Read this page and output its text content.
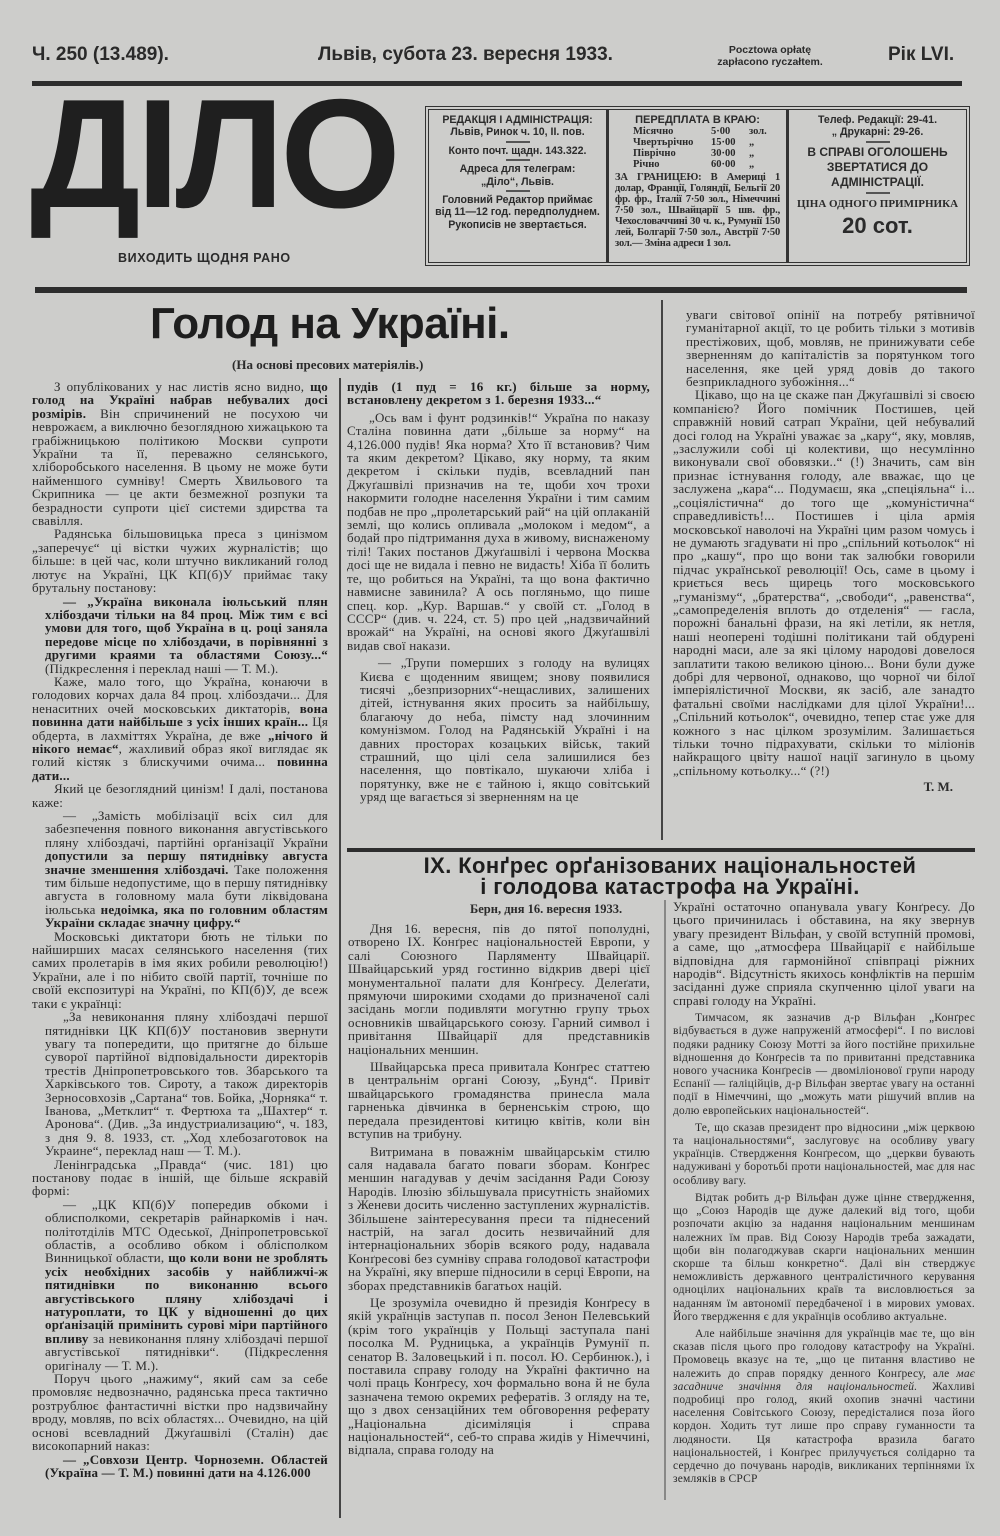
Ч. 250 (13.489).	Львів, субота 23. вересня 1933.	Pocztowa opłatę
zapłacono ryczałtem.	Рік LVI.
ДІЛО
ВИХОДИТЬ ЩОДНЯ РАНО
РЕДАКЦІЯ І АДМІНІСТРАЦІЯ:
Львів, Ринок ч. 10, ІІ. пов.
Конто почт. щадн. 143.322.
Адреса для телеграм:
„Діло“, Львів.
Головний Редактор приймає від 11—12 год. передполуднем.
Рукописів не звертається.
ПЕРЕДПЛАТА В КРАЮ:
Місячно	5·00	зол.
Чвертьрічно	15·00	„
Піврічно	30·00	„
Річно	60·00	„
ЗА ГРАНИЦЕЮ: В Америці 1 долар, Франції, Голяндії, Бельгії 20 фр. фр., Італії 7·50 зол., Німеччині 7·50 зол., Швайцарії 5 шв. фр., Чехословаччині 30 ч. к., Румунії 150 лей, Болгарії 7·50 зол., Австрії 7·50 зол.— Зміна адреси 1 зол.
Телеф. Редакції: 29-41.
„ Друкарні: 29-26.
В СПРАВІ ОГОЛОШЕНЬ ЗВЕРТАТИСЯ ДО АДМІНІСТРАЦІЇ.
ЦІНА ОДНОГО ПРИМІРНИКА
20 сот.
Голод на Україні.
(На основі пресових матеріялів.)

З опублікованих у нас листів ясно видно, що голод на Україні набрав небувалих досі розмірів. Він спричинений не посухою чи неврожаєм, а виключно безоглядною хижацькою та грабіжницькою політикою Москви супроти України та її, переважно селянського, хліборобського населення. В цьому не може бути найменшого сумніву! Смерть Хвильового та Скрипника — це акти безмежної розпуки та безрадности супроти цієї системи здирства та свавілля.

Радянська більшовицька преса з цинізмом „заперечує“ ці вістки чужих журналістів; що більше: в цей час, коли штучно викликаний голод лютує на Україні, ЦК КП(б)У приймає таку брутальну постанову:

— „Україна виконала іюльський плян хлібоздачи тільки на 84 проц. Між тим є всі умови для того, щоб Україна в ц. році заняла передове місце по хлібоздачи, в порівнянні з другими краями та областями Союзу...“ (Підкреслення і переклад наші — Т. М.).

Каже, мало того, що Україна, конаючи в голодових корчах дала 84 проц. хлібоздачи... Для ненаситних очей московських диктаторів, вона повинна дати найбільше з усіх інших країн... Ця обдерта, в лахміттях Україна, де вже „нічого й нікого немає“, жахливий образ якої виглядає як голий кістяк з блискучими очима... повинна дати...

Який це безоглядний цинізм! І далі, постанова каже:

— „Замість мобілізації всіх сил для забезпечення повного виконання августівського пляну хлібоздачі, партійні орґанізації України допустили за першу пятиднівку августа значне зменшення хлібоздачі. Таке положення тим більше недопустиме, що в першу пятиднівку августа в головному мала бути ліквідована іюльська недоімка, яка по головним областям України складає значну цифру.“

Московські диктатори бють не тільки по найширших масах селянського населення (тих самих пролетарів в імя яких робили революцію!) України, але і по нібито своїй партії, точніше по своїй експозитурі на Україні, по КП(б)У, де всеж таки є українці:

„За невиконання пляну хлібоздачі першої пятиднівки ЦК КП(б)У постановив звернути увагу та попередити, що притягне до більше суворої партійної відповідальности директорів трестів Дніпропетровського тов. Збарського та Харківського тов. Сироту, а також директорів Зерносовхозів „Сартана“ тов. Бойка, „Чорняка“ т. Іванова, „Метклит“ т. Фертюха та „Шахтер“ т. Аронова“. (Див. „За индустриализацию“, ч. 183, з дня 9. 8. 1933, ст. „Ход хлебозаготовок на Украине“, переклад наш — Т. М.).

Ленінградська „Правда“ (чис. 181) цю постанову подає в іншій, ще більше яскравій формі:

— „ЦК КП(б)У попередив обкоми і облисполкоми, секретарів райнаркомів і нач. політотділів МТС Одеської, Дніпропетровської областів, а особливо обком і облісполком Винницької области, що коли вони не зроблять усіх необхідних засобів у найближчі-ж пятиднівки по виконанню всього августівського пляну хлібоздачі і натуроплати, то ЦК у відношенні до цих орґанізацій примінить сурові міри партійного впливу за невиконання пляну хлібоздачі першої августівської пятиднівки“. (Підкреслення оригіналу — Т. М.).

Поруч цього „нажиму“, який сам за себе промовляє недвозначно, радянська преса тактично розтрублює фантастичні вістки про надзвичайну вроду, мовляв, по всіх областях... Очевидно, на цій основі всевладний Джуґашвілі (Сталін) дає високопарний наказ:

— „Совхози Центр. Чорноземн. Областей (Україна — Т. М.) повинні дати на 4.126.000

пудів (1 пуд = 16 кг.) більше за норму, встановлену декретом з 1. березня 1933...“

„Ось вам і фунт родзинків!“ Україна по наказу Сталіна повинна дати „більше за норму“ на 4,126.000 пудів! Яка норма? Хто її встановив? Чим та яким декретом? Цікаво, яку норму, та яким декретом і скільки пудів, всевладний пан Джуґашвілі призначив на те, щоби хоч трохи накормити голодне населення України і тим самим подбав не про „пролетарський рай“ на цій оплаканій землі, що колись опливала „молоком і медом“, а бодай про підтримання духа в живому, виснаженому тілі! Таких постанов Джуґашвілі і червона Москва досі ще не видала і певно не видасть! Хіба її болить те, що робиться на Україні, та що вона фактично навмисне завинила? А ось погляньмо, що пише спец. кор. „Кур. Варшав.“ у своїй ст. „Голод в СССР“ (див. ч. 224, ст. 5) про цей „надзвичайний врожай“ на Україні, на основі якого Джуґашвілі видав свої накази.

— „Трупи померших з голоду на вулицях Києва є щоденним явищем; знову появилися тисячі „безпризорних“-нещасливих, залишених дітей, істнування яких просить за найбільшу, благаючу до неба, пімсту над злочинним комунізмом. Голод на Радянській Україні і на давних просторах козацьких військ, такий страшний, що цілі села залишилися без населення, що повтікало, шукаючи хліба і порятунку, вже не є тайною і, якщо совітський уряд ще вагається зі зверненням на це

уваги світової опінії на потребу рятівничої гуманітарної акції, то це робить тільки з мотивів престіжових, щоб, мовляв, не принижувати себе зверненням до капіталістів за порятунком того населення, яке цей уряд довів до такого безприкладного зубожіння...“

Цікаво, що на це скаже пан Джуґашвілі зі своєю компанією? Його помічник Постишев, цей справжній новий сатрап України, цей небувалий досі голод на Україні уважає за „кару“, яку, мовляв, „заслужили собі ці колективи, що несумлінно виконували свої обовязки..“ (!) Значить, сам він признає істнування голоду, але вважає, що це заслужена „кара“... Подумаєш, яка „спеціяльна“ і... „соціялістична“ до того ще „комуністична“ справедливість!... Постишев і ціла армія московської наволочі на Україні цим разом чомусь і не думають згадувати ні про „спільний котьолок“ ні про „кашу“, про що вони так залюбки говорили підчас української революції! Ось, саме в цьому і криється весь щирець того московського „гуманізму“, „братерства“, „свободи“, „равенства“, „самопределенія вплоть до отделенія“ — гасла, порожні банальні фрази, на які летіли, як нетля, наші неоперені тодішні політикани тай обдурені народні маси, але за які цілому народові довелося заплатити такою великою ціною... Вони були дуже добрі для червоної, однаково, що чорної чи білої імперіялістичної Москви, як засіб, але занадто фатальні своїми наслідками для цілої України!... „Спільний котьолок“, очевидно, тепер стає уже для кожного з нас цілком зрозумілим. Залишається тільки точно підрахувати, скільки то міліонів найкращого цвіту нашої нації загинуло в цьому „спільному котьолку...“ (?!)

Т. М.
IX. Конґрес орґанізованих національностей
і голодова катастрофа на Україні.
Берн, дня 16. вересня 1933.

Дня 16. вересня, пів до пятої пополудні, отворено IX. Конґрес національностей Европи, у салі Союзного Парляменту Швайцарії. Швайцарський уряд гостинно відкрив двері цієї монументальної палати для Конґресу. Делеґати, прямуючи широкими сходами до призначеної салі засідань могли подивляти могутню групу трьох основників швайцарського союзу. Гарний символ і привітання Швайцарії для представників національних меншин.

Швайцарська преса привитала Конґрес статтею в центральнім органі Союзу, „Бунд“. Привіт швайцарського громадянства принесла мала гарненька дівчинка в берненськім строю, що передала президентові китицю квітів, коли він вступив на трибуну.

Витримана в поважнім швайцарськім стилю саля надавала багато поваги зборам. Конґрес меншин нагадував у дечім засідання Ради Союзу Народів. Ілюзію збільшувала присутність знайомих з Женеви досить численно заступлених журналістів. Збільшене заінтересування преси та піднесений настрій, на загал досить незвичайний для інтернаціональних зборів всякого роду, надавала Конґресові без сумніву справа голодової катастрофи на Україні, яку вперше підносили в серці Европи, на зборах представників багатьох націй.

Це зрозуміла очевидно й президія Конґресу в якій українців заступав п. посол Зенон Пелевський (крім того українців у Польщі заступала пані посолка М. Рудницька, а українців Румунії п. сенатор В. Заловецький і п. посол. Ю. Сербинюк.), і поставила справу голоду на Україні фактично на чолі праць Конґресу, хоч формально вона й не була зазначена темою окремих рефератів. З огляду на те, що з двох сензаційних тем обговорення реферату „Національна дісиміляція і справа національностей“, себ-то справа жидів у Німеччині, відпала, справа голоду на

Україні остаточно опанувала увагу Конґресу. До цього причинилась і обставина, на яку звернув увагу президент Вільфан, у своїй вступній промові, а саме, що „атмосфера Швайцарії є найбільше відповідна для гармонійної співпраці ріжних народів“. Відсутність якихось конфліктів на першім засіданні дуже сприяла скупченню цілої уваги на справі голоду на Україні.

Тимчасом, як зазначив д-р Вільфан „Конґрес відбувається в дуже напруженій атмосфері“. І по вислові подяки раднику Союзу Мотті за його постійне прихильне відношення до Конґресів та по привитанні представника нового учасника Конґресів — двоміліонової групи народу Еспанії — ґаліційців, д-р Вільфан звертає увагу на останні події в Німеччині, що „можуть мати рішучий вплив на долю европейських національностей“.

Те, що сказав президент про відносини „між церквою та національностями“, заслуговує на особливу увагу українців. Ствердження Конґресом, що „церкви бувають надуживані у боротьбі проти національностей, має для нас особливу вагу.

Відтак робить д-р Вільфан дуже цінне ствердження, що „Союз Народів ще дуже далекий від того, щоби розпочати акцію за надання національним меншинам належних їм прав. Від Союзу Народів треба зажадати, щоби він полагоджував скарги національних меншин скорше та більш конкретно“. Далі він стверджує неможливість державного централістичного керування одноцілих національних країв та висловлюється за наданням їм автономії передбаченої і в мирових умовах. Його твердження є для українців особливо актуальне.

Але найбільше значіння для українців має те, що він сказав після цього про голодову катастрофу на Україні. Промовець вказує на те, „що це питання властиво не належить до справ порядку денного Конґресу, але має засадниче значіння для національностей. Жахливі подробиці про голод, який охопив значні частини населення Совітського Союзу, передісталися поза його кордон. Ходить тут лише про справу гуманности та людяности. Ця катастрофа вразила багато національностей, і Конґрес прилучується солідарно та сердечно до почувань народів, викликаних терпіннями їх земляків в СРСР
